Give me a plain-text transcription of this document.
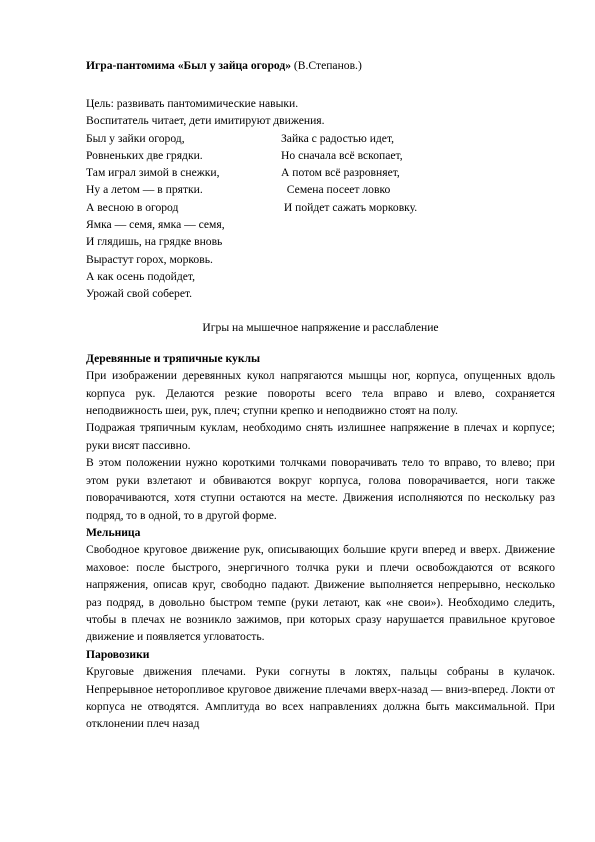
Игра-пантомима «Был у зайца огород» (В.Степанов.)
Цель: развивать пантомимические навыки.
Воспитатель читает, дети имитируют движения.
Был у зайки огород,	Зайка с радостью идет,
Ровненьких две грядки.	Но сначала всё вскопает,
Там играл зимой в снежки,	А потом всё разровняет,
Ну а летом — в прятки.	Семена посеет ловко
А весною в огород	И пойдет сажать морковку.
Ямка — семя, ямка — семя,
И глядишь, на грядке вновь
Вырастут горох, морковь.
А как осень подойдет,
Урожай свой соберет.
Игры на мышечное напряжение и расслабление
Деревянные и тряпичные куклы

При изображении деревянных кукол напрягаются мышцы ног, корпуса, опущенных вдоль корпуса рук. Делаются резкие повороты всего тела вправо и влево, сохраняется неподвижность шеи, рук, плеч; ступни крепко и неподвижно стоят на полу.

Подражая тряпичным куклам, необходимо снять излишнее напряжение в плечах и корпусе; руки висят пассивно.

В этом положении нужно короткими толчками поворачивать тело то вправо, то влево; при этом руки взлетают и обвиваются вокруг корпуса, голова поворачивается, ноги также поворачиваются, хотя ступни остаются на месте. Движения исполняются по нескольку раз подряд, то в одной, то в другой форме.

Мельница

Свободное круговое движение рук, описывающих большие круги вперед и вверх. Движение маховое: после быстрого, энергичного толчка руки и плечи освобождаются от всякого напряжения, описав круг, свободно падают. Движение выполняется непрерывно, несколько раз подряд, в довольно быстром темпе (руки летают, как «не свои»). Необходимо следить, чтобы в плечах не возникло зажимов, при которых сразу нарушается правильное круговое движение и появляется угловатость.

Паровозики

Круговые движения плечами. Руки согнуты в локтях, пальцы собраны в кулачок. Непрерывное неторопливое круговое движение плечами вверх-назад — вниз-вперед. Локти от корпуса не отводятся. Амплитуда во всех направлениях должна быть максимальной. При отклонении плеч назад
